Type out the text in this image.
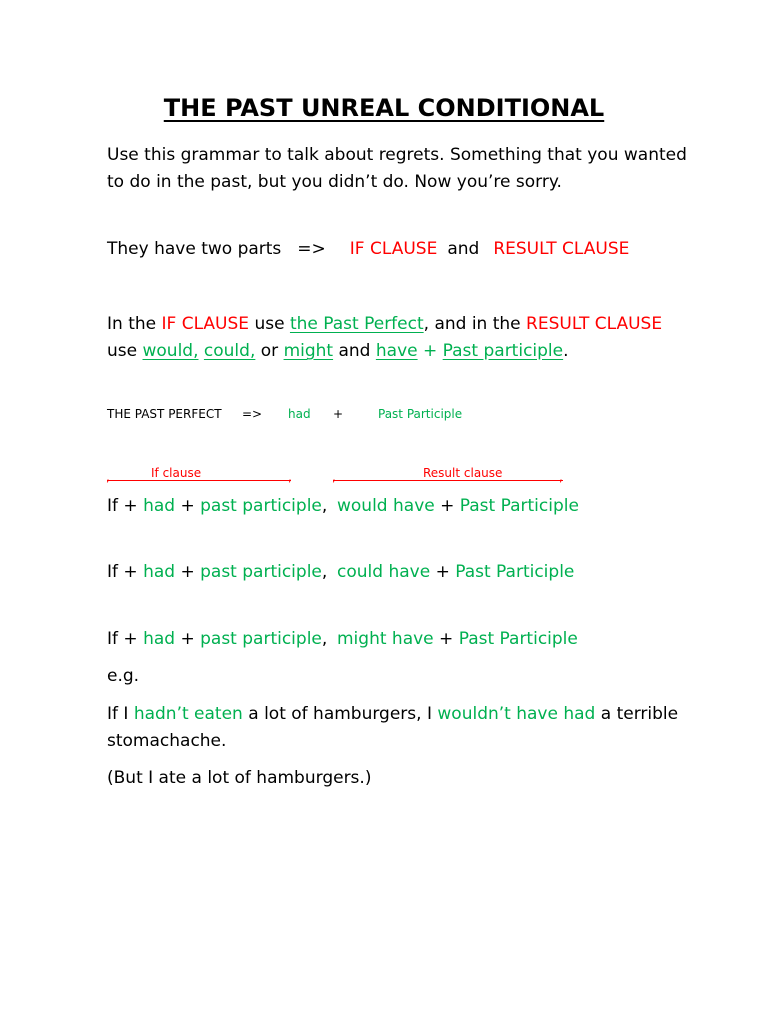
THE PAST UNREAL CONDITIONAL
Use this grammar to talk about regrets. Something that you wanted
to do in the past, but you didn’t do. Now you’re sorry.
They have two parts => IF CLAUSE and RESULT CLAUSE
In the IF CLAUSE use the Past Perfect, and in the RESULT CLAUSE
use would, could, or might and have + Past participle.
THE PAST PERFECT => had +	Past Participle
,	If clause	,	,	Result clause	,
If + had + past participle, would have + Past Participle
If + had + past participle, could have + Past Participle
If + had + past participle, might have + Past Participle
e.g.
If I hadn’t eaten a lot of hamburgers, I wouldn’t have had a terrible
stomachache.
(But I ate a lot of hamburgers.)
